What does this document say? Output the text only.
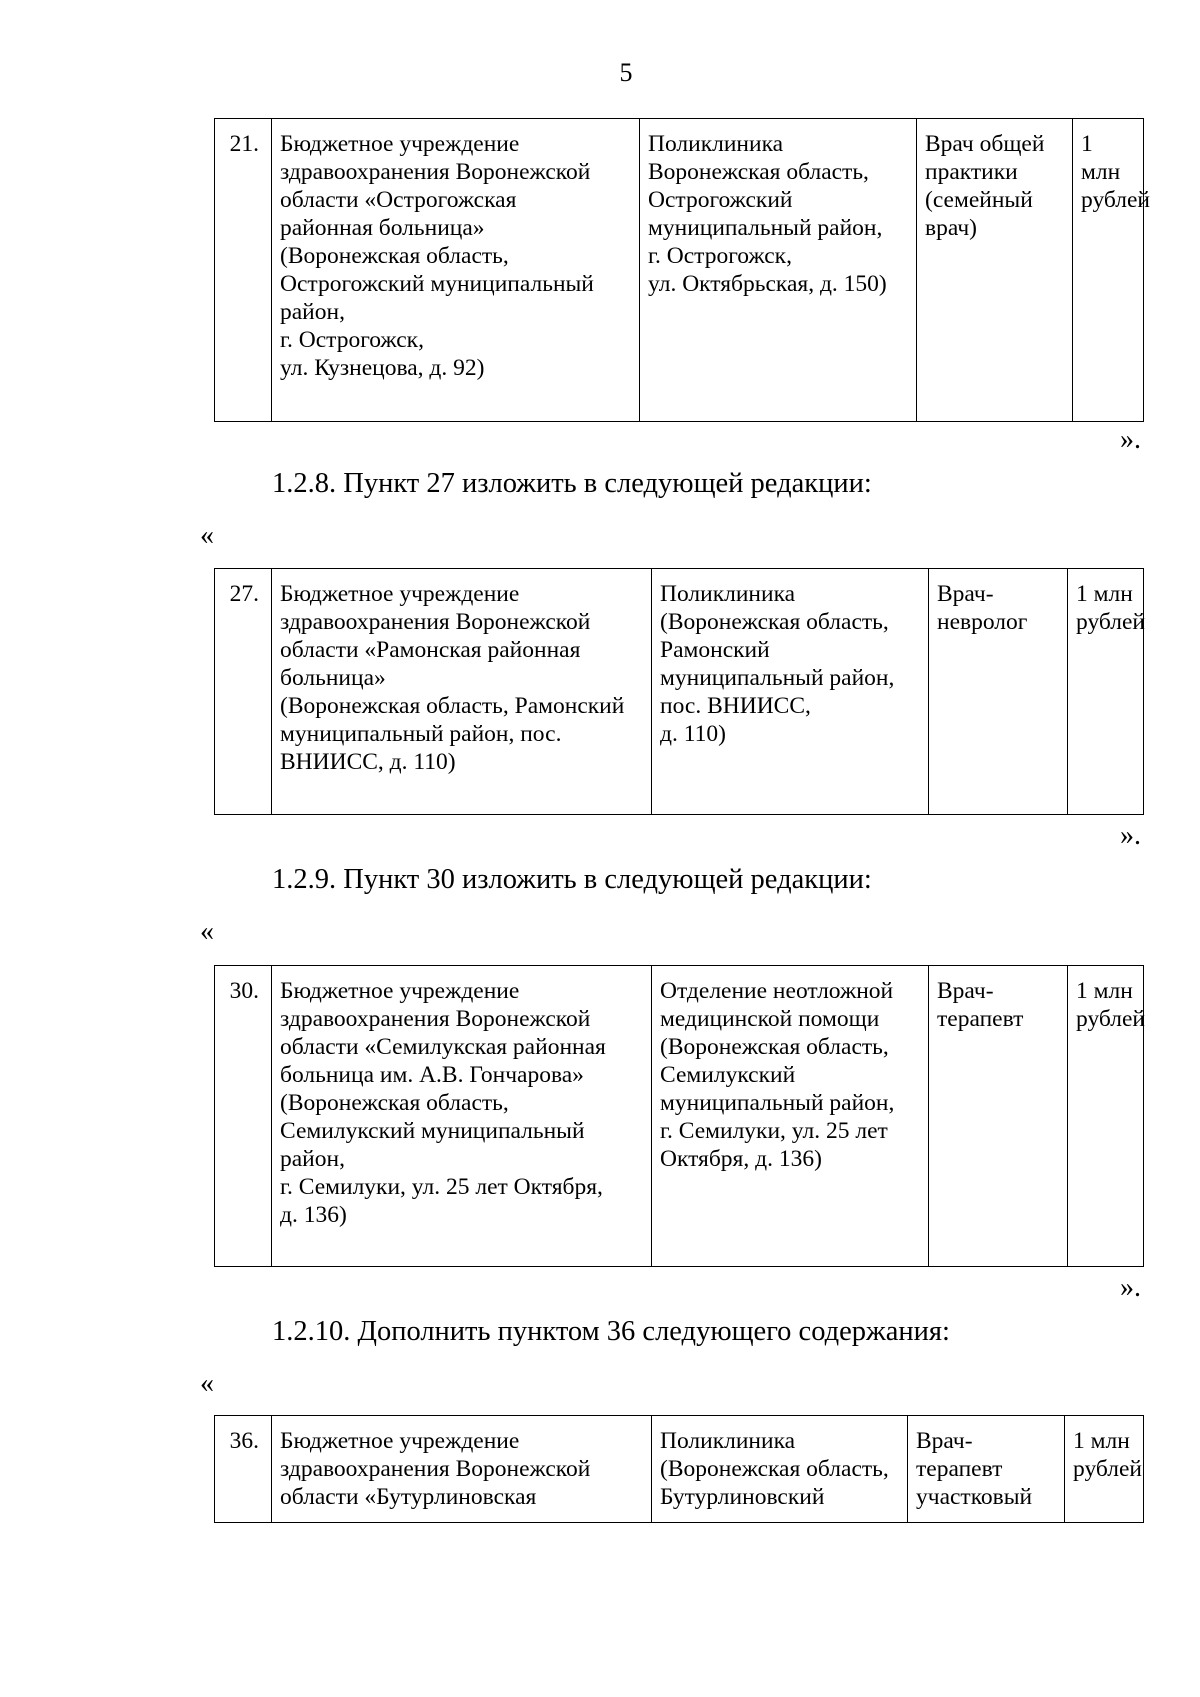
5
21.	Бюджетное учреждение
здравоохранения Воронежской
области «Острогожская
районная больница»
(Воронежская область,
Острогожский муниципальный
район,
г. Острогожск,
ул. Кузнецова, д. 92)	Поликлиника
Воронежская область,
Острогожский
муниципальный район,
г. Острогожск,
ул. Октябрьская, д. 150)	Врач общей
практики
(семейный
врач)	1 млн
рублей
».
1.2.8. Пункт 27 изложить в следующей редакции:
«
27.	Бюджетное учреждение
здравоохранения Воронежской
области «Рамонская районная
больница»
(Воронежская область, Рамонский
муниципальный район, пос.
ВНИИСС, д. 110)	Поликлиника
(Воронежская область,
Рамонский
муниципальный район,
пос. ВНИИСС,
д. 110)	Врач-
невролог	1 млн
рублей
».
1.2.9. Пункт 30 изложить в следующей редакции:
«
30.	Бюджетное учреждение
здравоохранения Воронежской
области «Семилукская районная
больница им. А.В. Гончарова»
(Воронежская область,
Семилукский муниципальный
район,
г. Семилуки, ул. 25 лет Октября,
д. 136)	Отделение неотложной
медицинской помощи
(Воронежская область,
Семилукский
муниципальный район,
г. Семилуки, ул. 25 лет
Октября, д. 136)	Врач-
терапевт	1 млн
рублей
».
1.2.10. Дополнить пунктом 36 следующего содержания:
«
36.	Бюджетное учреждение
здравоохранения Воронежской
области «Бутурлиновская	Поликлиника
(Воронежская область,
Бутурлиновский	Врач-
терапевт
участковый	1 млн
рублей
